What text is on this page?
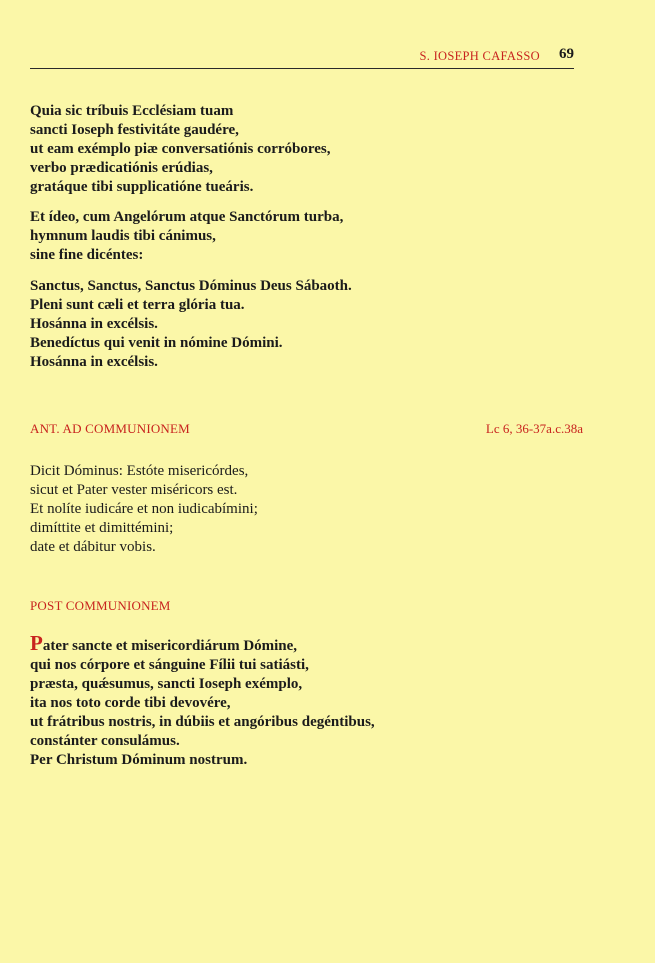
S. IOSEPH CAFASSO 69
Quia sic tríbuis Ecclésiam tuam
sancti Ioseph festivitáte gaudére,
ut eam exémplo piæ conversatiónis corróbores,
verbo prædicatiónis erúdias,
gratáque tibi supplicatióne tueáris.
Et ídeo, cum Angelórum atque Sanctórum turba,
hymnum laudis tibi cánimus,
sine fine dicéntes:
Sanctus, Sanctus, Sanctus Dóminus Deus Sábaoth.
Pleni sunt cæli et terra glória tua.
Hosánna in excélsis.
Benedíctus qui venit in nómine Dómini.
Hosánna in excélsis.
ANT. AD COMMUNIONEM	Lc 6, 36-37a.c.38a
Dicit Dóminus: Estóte misericórdes,
sicut et Pater vester miséricors est.
Et nolíte iudicáre et non iudicabímini;
dimíttite et dimittémini;
date et dábitur vobis.
POST COMMUNIONEM
Pater sancte et misericordiárum Dómine,
qui nos córpore et sánguine Fílii tui satiásti,
præsta, quǽsumus, sancti Ioseph exémplo,
ita nos toto corde tibi devovére,
ut frátribus nostris, in dúbiis et angóribus degéntibus,
constánter consulámus.
Per Christum Dóminum nostrum.
